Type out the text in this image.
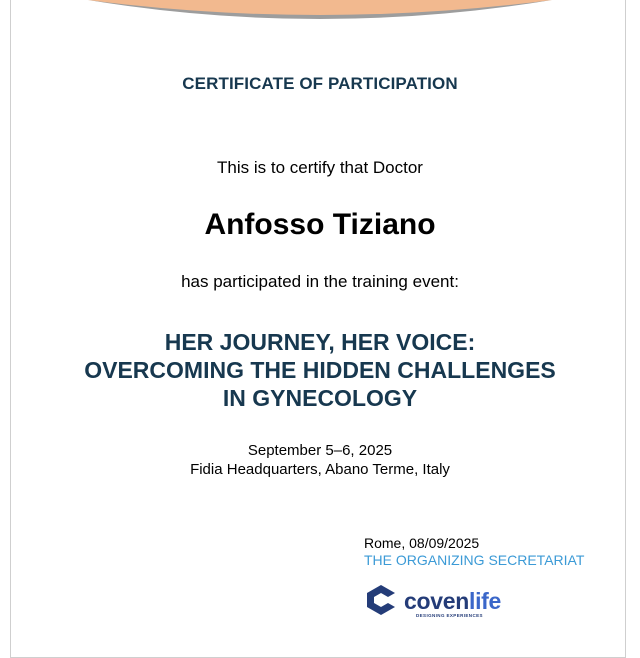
CERTIFICATE OF PARTICIPATION
This is to certify that Doctor
Anfosso Tiziano
has participated in the training event:
HER JOURNEY, HER VOICE:
OVERCOMING THE HIDDEN CHALLENGES
IN GYNECOLOGY
September 5–6, 2025
Fidia Headquarters, Abano Terme, Italy
Rome, 08/09/2025
THE ORGANIZING SECRETARIAT
covenlife
DESIGNING EXPERIENCES
